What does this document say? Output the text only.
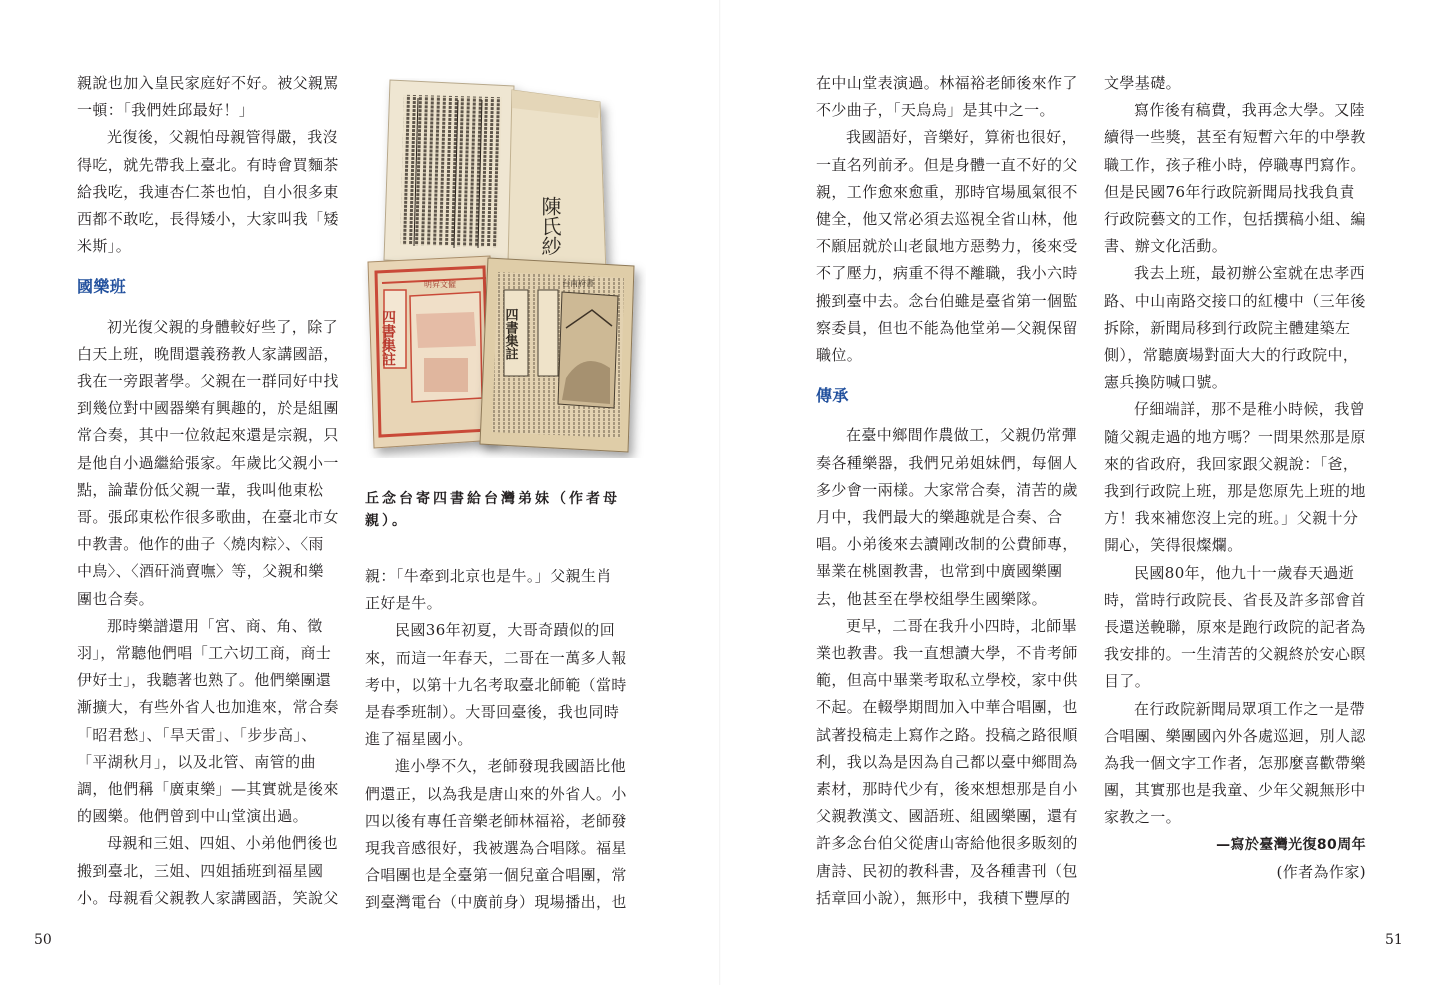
親說也加入皇民家庭好不好。被父親罵一頓：「我們姓邱最好！」

光復後，父親怕母親管得嚴，我沒得吃，就先帶我上臺北。有時會買麵茶給我吃，我連杏仁茶也怕，自小很多東西都不敢吃，長得矮小，大家叫我「矮米斯」。

國樂班

初光復父親的身體較好些了，除了白天上班，晚間還義務教人家講國語，我在一旁跟著學。父親在一群同好中找到幾位對中國器樂有興趣的，於是組團常合奏，其中一位敘起來還是宗親，只是他自小過繼給張家。年歲比父親小一點，論輩份低父親一輩，我叫他東松哥。張邱東松作很多歌曲，在臺北市女中教書。他作的曲子〈燒肉粽〉、〈雨中鳥〉、〈酒矸淌賣嘸〉等，父親和樂團也合奏。

那時樂譜還用「宮、商、角、徵羽」，常聽他們唱「工六切工商，商士伊好士」，我聽著也熟了。他們樂團還漸擴大，有些外省人也加進來，常合奏「昭君愁」、「旱天雷」、「步步高」、「平湖秋月」，以及北管、南管的曲調，他們稱「廣東樂」—其實就是後來的國樂。他們曾到中山堂演出過。

母親和三姐、四姐、小弟他們後也搬到臺北，三姐、四姐插班到福星國小。母親看父親教人家講國語，笑說父

陳氏紗
四書集註
明昇文僱
四書集註
台南府書
丘念台寄四書給台灣弟妹（作者母親）。

親：「牛牽到北京也是牛。」父親生肖正好是牛。

民國36年初夏，大哥奇蹟似的回來，而這一年春天，二哥在一萬多人報考中，以第十九名考取臺北師範（當時是春季班制）。大哥回臺後，我也同時進了福星國小。

進小學不久，老師發現我國語比他們還正，以為我是唐山來的外省人。小四以後有專任音樂老師林福裕，老師發現我音感很好，我被選為合唱隊。福星合唱團也是全臺第一個兒童合唱團，常到臺灣電台（中廣前身）現場播出，也

在中山堂表演過。林福裕老師後來作了不少曲子，「天烏烏」是其中之一。

我國語好，音樂好，算術也很好，一直名列前矛。但是身體一直不好的父親，工作愈來愈重，那時官場風氣很不健全，他又常必須去巡視全省山林，他不願屈就於山老鼠地方惡勢力，後來受不了壓力，病重不得不離職，我小六時搬到臺中去。念台伯雖是臺省第一個監察委員，但也不能為他堂弟—父親保留職位。

傳承

在臺中鄉間作農做工，父親仍常彈奏各種樂器，我們兄弟姐妹們，每個人多少會一兩樣。大家常合奏，清苦的歲月中，我們最大的樂趣就是合奏、合唱。小弟後來去讀剛改制的公費師專，畢業在桃園教書，也常到中廣國樂團去，他甚至在學校組學生國樂隊。

更早，二哥在我升小四時，北師畢業也教書。我一直想讀大學，不肯考師範，但高中畢業考取私立學校，家中供不起。在輟學期間加入中華合唱團，也試著投稿走上寫作之路。投稿之路很順利，我以為是因為自己都以臺中鄉間為素材，那時代少有，後來想想那是自小父親教漢文、國語班、組國樂團，還有許多念台伯父從唐山寄給他很多販刻的唐詩、民初的教科書，及各種書刊（包括章回小說），無形中，我積下豐厚的

文學基礎。

寫作後有稿費，我再念大學。又陸續得一些獎，甚至有短暫六年的中學教職工作，孩子稚小時，停職專門寫作。但是民國76年行政院新聞局找我負責行政院藝文的工作，包括撰稿小組、編書、辦文化活動。

我去上班，最初辦公室就在忠孝西路、中山南路交接口的紅樓中（三年後拆除，新聞局移到行政院主體建築左側），常聽廣場對面大大的行政院中，憲兵換防喊口號。

仔細端詳，那不是稚小時候，我曾隨父親走過的地方嗎？一問果然那是原來的省政府，我回家跟父親說：「爸，我到行政院上班，那是您原先上班的地方！我來補您沒上完的班。」父親十分開心，笑得很燦爛。

民國80年，他九十一歲春天過逝時，當時行政院長、省長及許多部會首長還送輓聯，原來是跑行政院的記者為我安排的。一生清苦的父親終於安心瞑目了。

在行政院新聞局眾項工作之一是帶合唱團、樂團國內外各處巡迴，別人認為我一個文字工作者，怎那麼喜歡帶樂團，其實那也是我童、少年父親無形中家教之一。

—寫於臺灣光復80周年

(作者為作家)

50	51
